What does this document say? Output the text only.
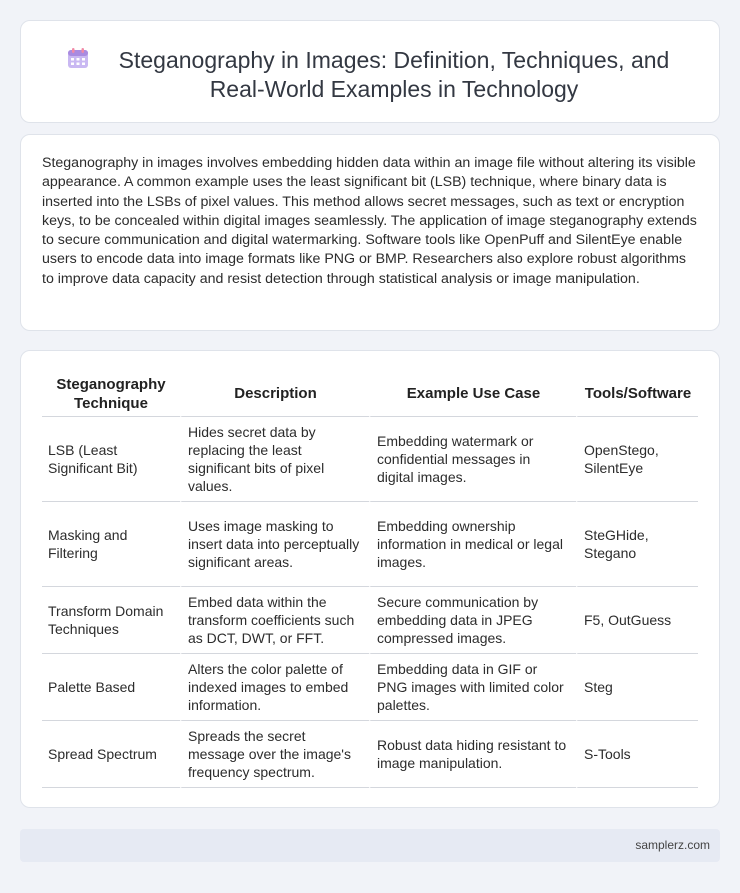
Steganography in Images: Definition, Techniques, and Real-World Examples in Technology

Steganography in images involves embedding hidden data within an image file without altering its visible appearance. A common example uses the least significant bit (LSB) technique, where binary data is inserted into the LSBs of pixel values. This method allows secret messages, such as text or encryption keys, to be concealed within digital images seamlessly. The application of image steganography extends to secure communication and digital watermarking. Software tools like OpenPuff and SilentEye enable users to encode data into image formats like PNG or BMP. Researchers also explore robust algorithms to improve data capacity and resist detection through statistical analysis or image manipulation.

Steganography Technique	Description	Example Use Case	Tools/Software
LSB (Least Significant Bit)	Hides secret data by replacing the least significant bits of pixel values.	Embedding watermark or confidential messages in digital images.	OpenStego, SilentEye
Masking and Filtering	Uses image masking to insert data into perceptually significant areas.	Embedding ownership information in medical or legal images.	SteGHide, Stegano
Transform Domain Techniques	Embed data within the transform coefficients such as DCT, DWT, or FFT.	Secure communication by embedding data in JPEG compressed images.	F5, OutGuess
Palette Based	Alters the color palette of indexed images to embed information.	Embedding data in GIF or PNG images with limited color palettes.	Steg
Spread Spectrum	Spreads the secret message over the image's frequency spectrum.	Robust data hiding resistant to image manipulation.	S-Tools
samplerz.com
